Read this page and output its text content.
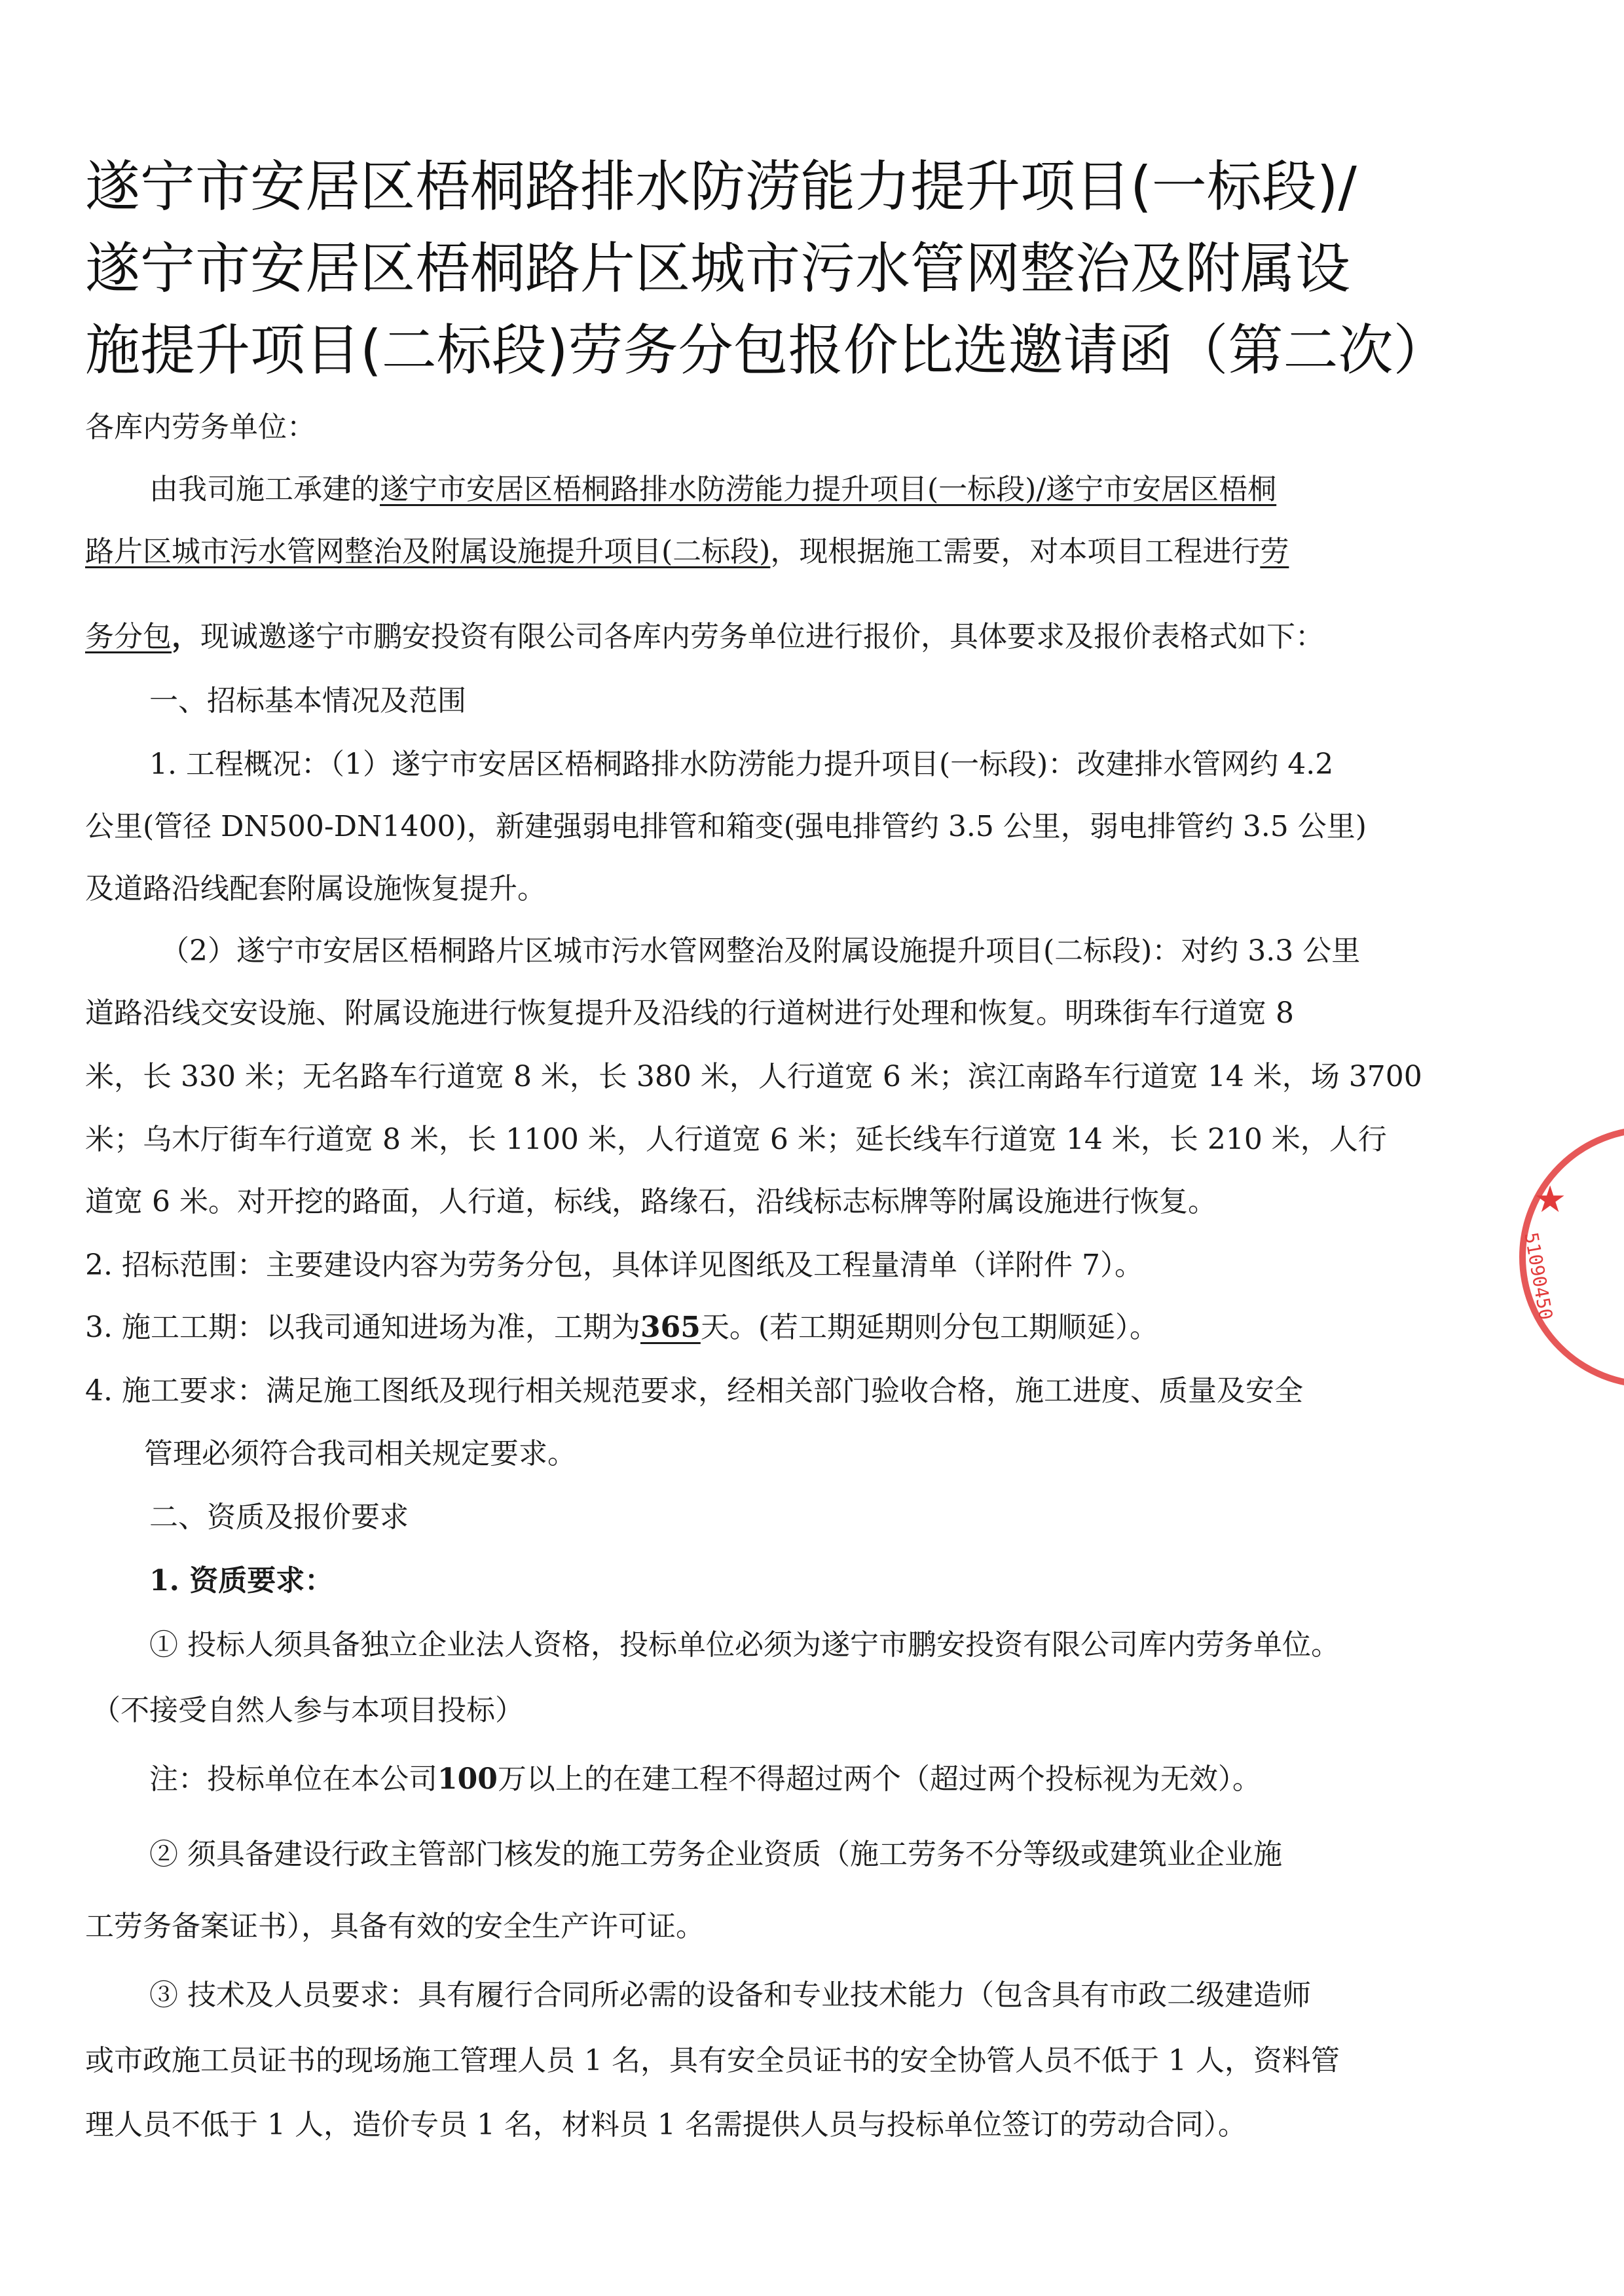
遂宁市安居区梧桐路排水防涝能力提升项目(一标段)/
遂宁市安居区梧桐路片区城市污水管网整治及附属设
施提升项目(二标段)劳务分包报价比选邀请函（第二次）
各库内劳务单位：
由我司施工承建的遂宁市安居区梧桐路排水防涝能力提升项目(一标段)/遂宁市安居区梧桐
路片区城市污水管网整治及附属设施提升项目(二标段)，现根据施工需要，对本项目工程进行劳
务分包，现诚邀遂宁市鹏安投资有限公司各库内劳务单位进行报价，具体要求及报价表格式如下：
一、招标基本情况及范围
1. 工程概况：（1）遂宁市安居区梧桐路排水防涝能力提升项目(一标段)：改建排水管网约 4.2
公里(管径 DN500-DN1400)，新建强弱电排管和箱变(强电排管约 3.5 公里，弱电排管约 3.5 公里)
及道路沿线配套附属设施恢复提升。
（2）遂宁市安居区梧桐路片区城市污水管网整治及附属设施提升项目(二标段)：对约 3.3 公里
道路沿线交安设施、附属设施进行恢复提升及沿线的行道树进行处理和恢复。明珠街车行道宽 8
米，长 330 米；无名路车行道宽 8 米，长 380 米，人行道宽 6 米；滨江南路车行道宽 14 米，场 3700
米；乌木厅街车行道宽 8 米，长 1100 米，人行道宽 6 米；延长线车行道宽 14 米，长 210 米，人行
道宽 6 米。对开挖的路面，人行道，标线，路缘石，沿线标志标牌等附属设施进行恢复。
2. 招标范围：主要建设内容为劳务分包，具体详见图纸及工程量清单（详附件 7）。
3. 施工工期：以我司通知进场为准，工期为365天。(若工期延期则分包工期顺延）。
4. 施工要求：满足施工图纸及现行相关规范要求，经相关部门验收合格，施工进度、质量及安全
管理必须符合我司相关规定要求。
二、资质及报价要求
1. 资质要求：
① 投标人须具备独立企业法人资格，投标单位必须为遂宁市鹏安投资有限公司库内劳务单位。
（不接受自然人参与本项目投标）
注：投标单位在本公司100万以上的在建工程不得超过两个（超过两个投标视为无效）。
② 须具备建设行政主管部门核发的施工劳务企业资质（施工劳务不分等级或建筑业企业施
工劳务备案证书），具备有效的安全生产许可证。
③ 技术及人员要求：具有履行合同所必需的设备和专业技术能力（包含具有市政二级建造师
或市政施工员证书的现场施工管理人员 1 名，具有安全员证书的安全协管人员不低于 1 人，资料管
理人员不低于 1 人，造价专员 1 名，材料员 1 名需提供人员与投标单位签订的劳动合同）。
★
51090450
